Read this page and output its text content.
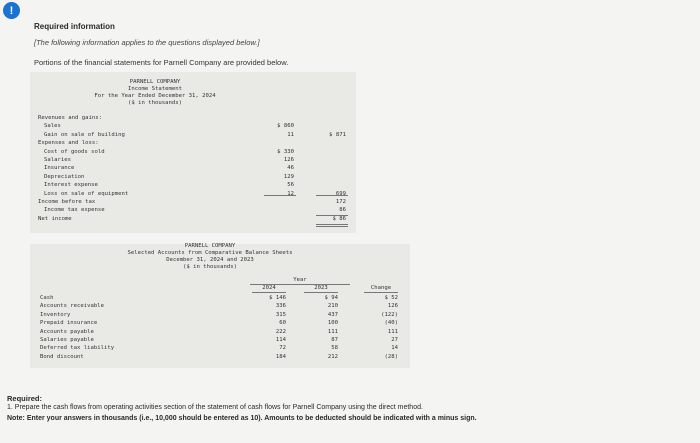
!
Required information
[The following information applies to the questions displayed below.]
Portions of the financial statements for Parnell Company are provided below.
PARNELL COMPANY
Income Statement
For the Year Ended December 31, 2024
($ in thousands)
Revenues and gains:
Sales	$ 860
Gain on sale of building	11	$ 871
Expenses and loss:
Cost of goods sold	$ 330
Salaries	126
Insurance	46
Depreciation	129
Interest expense	56
Loss on sale of equipment	12	699
Income before tax	172
Income tax expense	86
Net income	$ 86
PARNELL COMPANY
Selected Accounts from Comparative Balance Sheets
December 31, 2024 and 2023
($ in thousands)
Year
2024	2023	Change
Cash	$ 146	$ 94	$ 52
Accounts receivable	336	210	126
Inventory	315	437	(122)
Prepaid insurance	60	100	(40)
Accounts payable	222	111	111
Salaries payable	114	87	27
Deferred tax liability	72	58	14
Bond discount	184	212	(28)
Required:
1. Prepare the cash flows from operating activities section of the statement of cash flows for Parnell Company using the direct method.
Note: Enter your answers in thousands (i.e., 10,000 should be entered as 10). Amounts to be deducted should be indicated with a minus sign.
